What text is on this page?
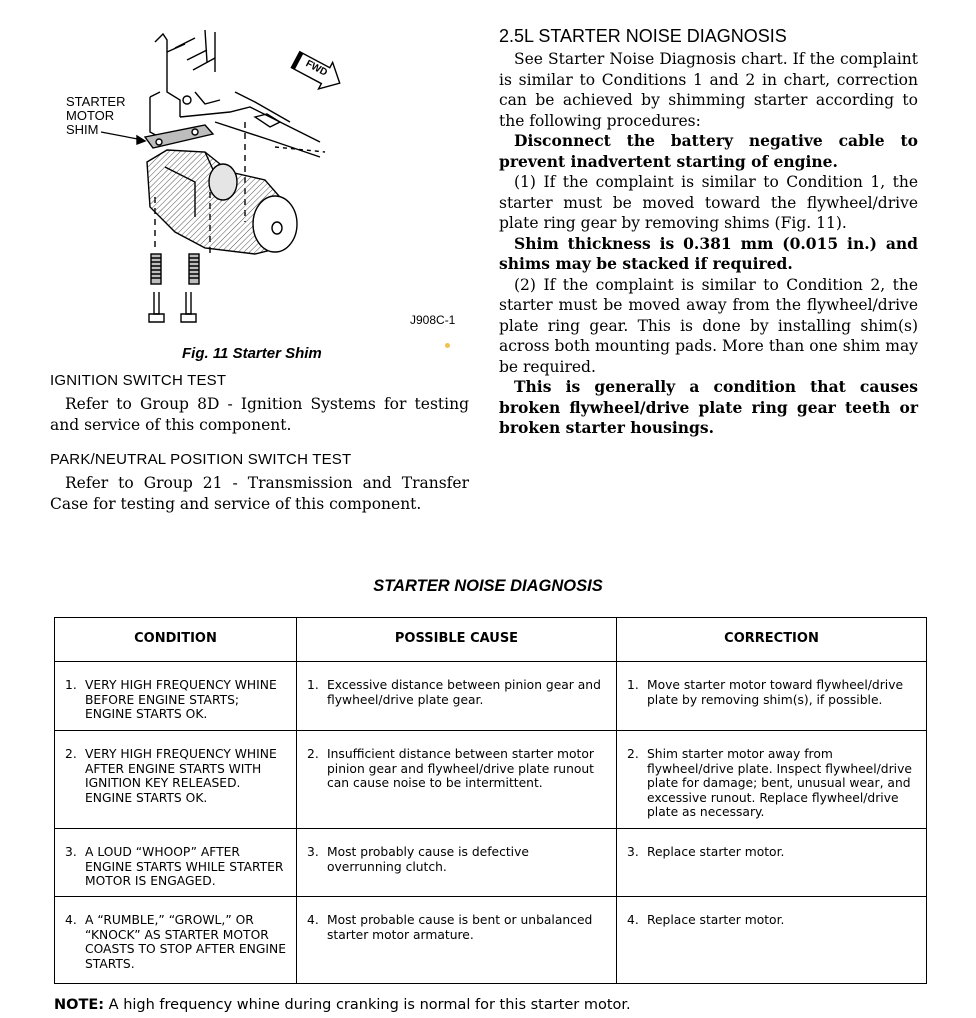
STARTER
MOTOR
SHIM
FWD
J908C-1
Fig. 11 Starter Shim
IGNITION SWITCH TEST
Refer to Group 8D - Ignition Systems for testing and service of this component.
PARK/NEUTRAL POSITION SWITCH TEST
Refer to Group 21 - Transmission and Transfer Case for testing and service of this component.
2.5L STARTER NOISE DIAGNOSIS

See Starter Noise Diagnosis chart. If the complaint is similar to Conditions 1 and 2 in chart, correction can be achieved by shimming starter according to the following procedures:

Disconnect the battery negative cable to prevent inadvertent starting of engine.

(1) If the complaint is similar to Condition 1, the starter must be moved toward the flywheel/drive plate ring gear by removing shims (Fig. 11).

Shim thickness is 0.381 mm (0.015 in.) and shims may be stacked if required.

(2) If the complaint is similar to Condition 2, the starter must be moved away from the flywheel/drive plate ring gear. This is done by installing shim(s) across both mounting pads. More than one shim may be required.

This is generally a condition that causes broken flywheel/drive plate ring gear teeth or broken starter housings.

STARTER NOISE DIAGNOSIS
CONDITION	POSSIBLE CAUSE	CORRECTION

1. VERY HIGH FREQUENCY WHINE BEFORE ENGINE STARTS; ENGINE STARTS OK.	1. Excessive distance between pinion gear and flywheel/drive plate gear.	1. Move starter motor toward flywheel/drive plate by removing shim(s), if possible.

2. VERY HIGH FREQUENCY WHINE AFTER ENGINE STARTS WITH IGNITION KEY RELEASED. ENGINE STARTS OK.	2. Insufficient distance between starter motor pinion gear and flywheel/drive plate runout can cause noise to be intermittent.	2. Shim starter motor away from flywheel/drive plate. Inspect flywheel/drive plate for damage; bent, unusual wear, and excessive runout. Replace flywheel/drive plate as necessary.

3. A LOUD “WHOOP” AFTER ENGINE STARTS WHILE STARTER MOTOR IS ENGAGED.	3. Most probably cause is defective overrunning clutch.	3. Replace starter motor.

4. A “RUMBLE,” “GROWL,” OR “KNOCK” AS STARTER MOTOR COASTS TO STOP AFTER ENGINE STARTS.	4. Most probable cause is bent or unbalanced starter motor armature.	4. Replace starter motor.
NOTE: A high frequency whine during cranking is normal for this starter motor.
